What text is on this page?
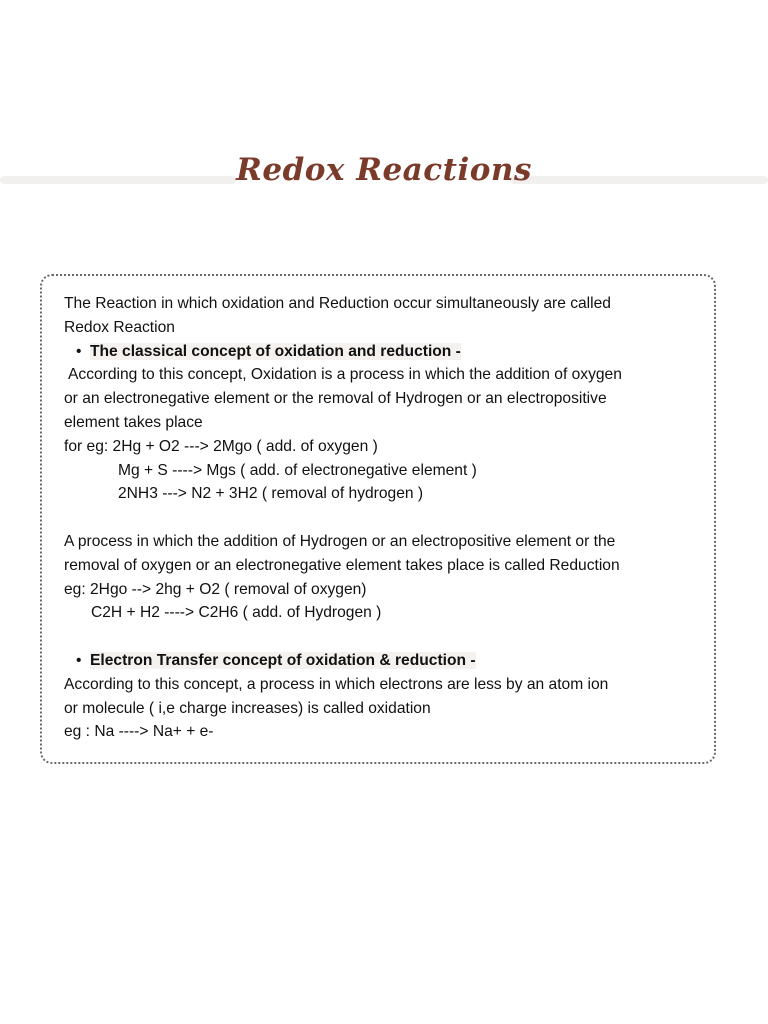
Redox Reactions
The Reaction in which oxidation and Reduction occur simultaneously are called
Redox Reaction
• The classical concept of oxidation and reduction -
According to this concept, Oxidation is a process in which the addition of oxygen
or an electronegative element or the removal of Hydrogen or an electropositive
element takes place
for eg: 2Hg + O2 ---> 2Mgo ( add. of oxygen )
Mg + S ----> Mgs ( add. of electronegative element )
2NH3 ---> N2 + 3H2 ( removal of hydrogen )
A process in which the addition of Hydrogen or an electropositive element or the
removal of oxygen or an electronegative element takes place is called Reduction
eg: 2Hgo --> 2hg + O2 ( removal of oxygen)
C2H + H2 ----> C2H6 ( add. of Hydrogen )
• Electron Transfer concept of oxidation & reduction -
According to this concept, a process in which electrons are less by an atom ion
or molecule ( i,e charge increases) is called oxidation
eg : Na ----> Na+ + e-
